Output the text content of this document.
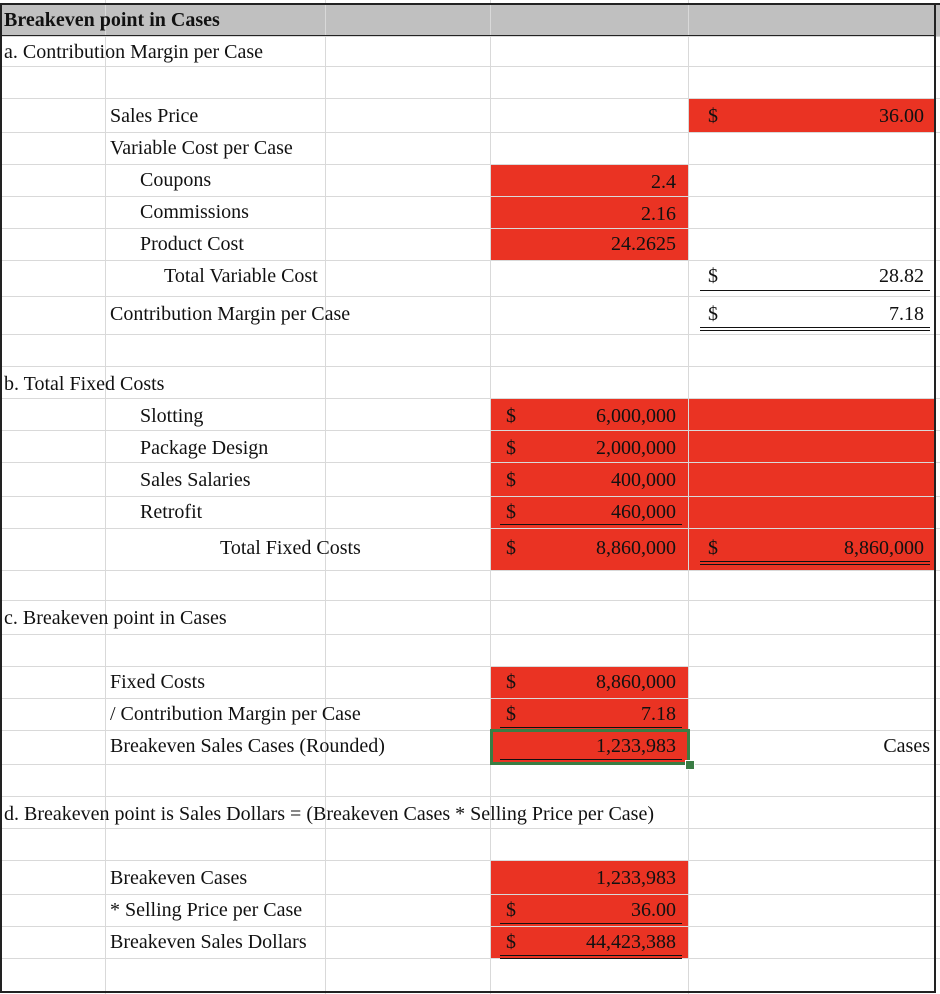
Breakeven point in Cases
a. Contribution Margin per Case
Sales Price	$	36.00
Variable Cost per Case
Coupons	2.4
Commissions	2.16
Product Cost	24.2625
Total Variable Cost	$	28.82
Contribution Margin per Case	$	7.18
b. Total Fixed Costs
Slotting	$	6,000,000
Package Design	$	2,000,000
Sales Salaries	$	400,000
Retrofit	$	460,000
Total Fixed Costs	$	8,860,000 $	8,860,000
c. Breakeven point in Cases
Fixed Costs	$	8,860,000
/ Contribution Margin per Case	$	7.18
Breakeven Sales Cases (Rounded)	1,233,983	Cases
d. Breakeven point is Sales Dollars = (Breakeven Cases * Selling Price per Case)
Breakeven Cases	1,233,983
* Selling Price per Case	$	36.00
Breakeven Sales Dollars	$	44,423,388
